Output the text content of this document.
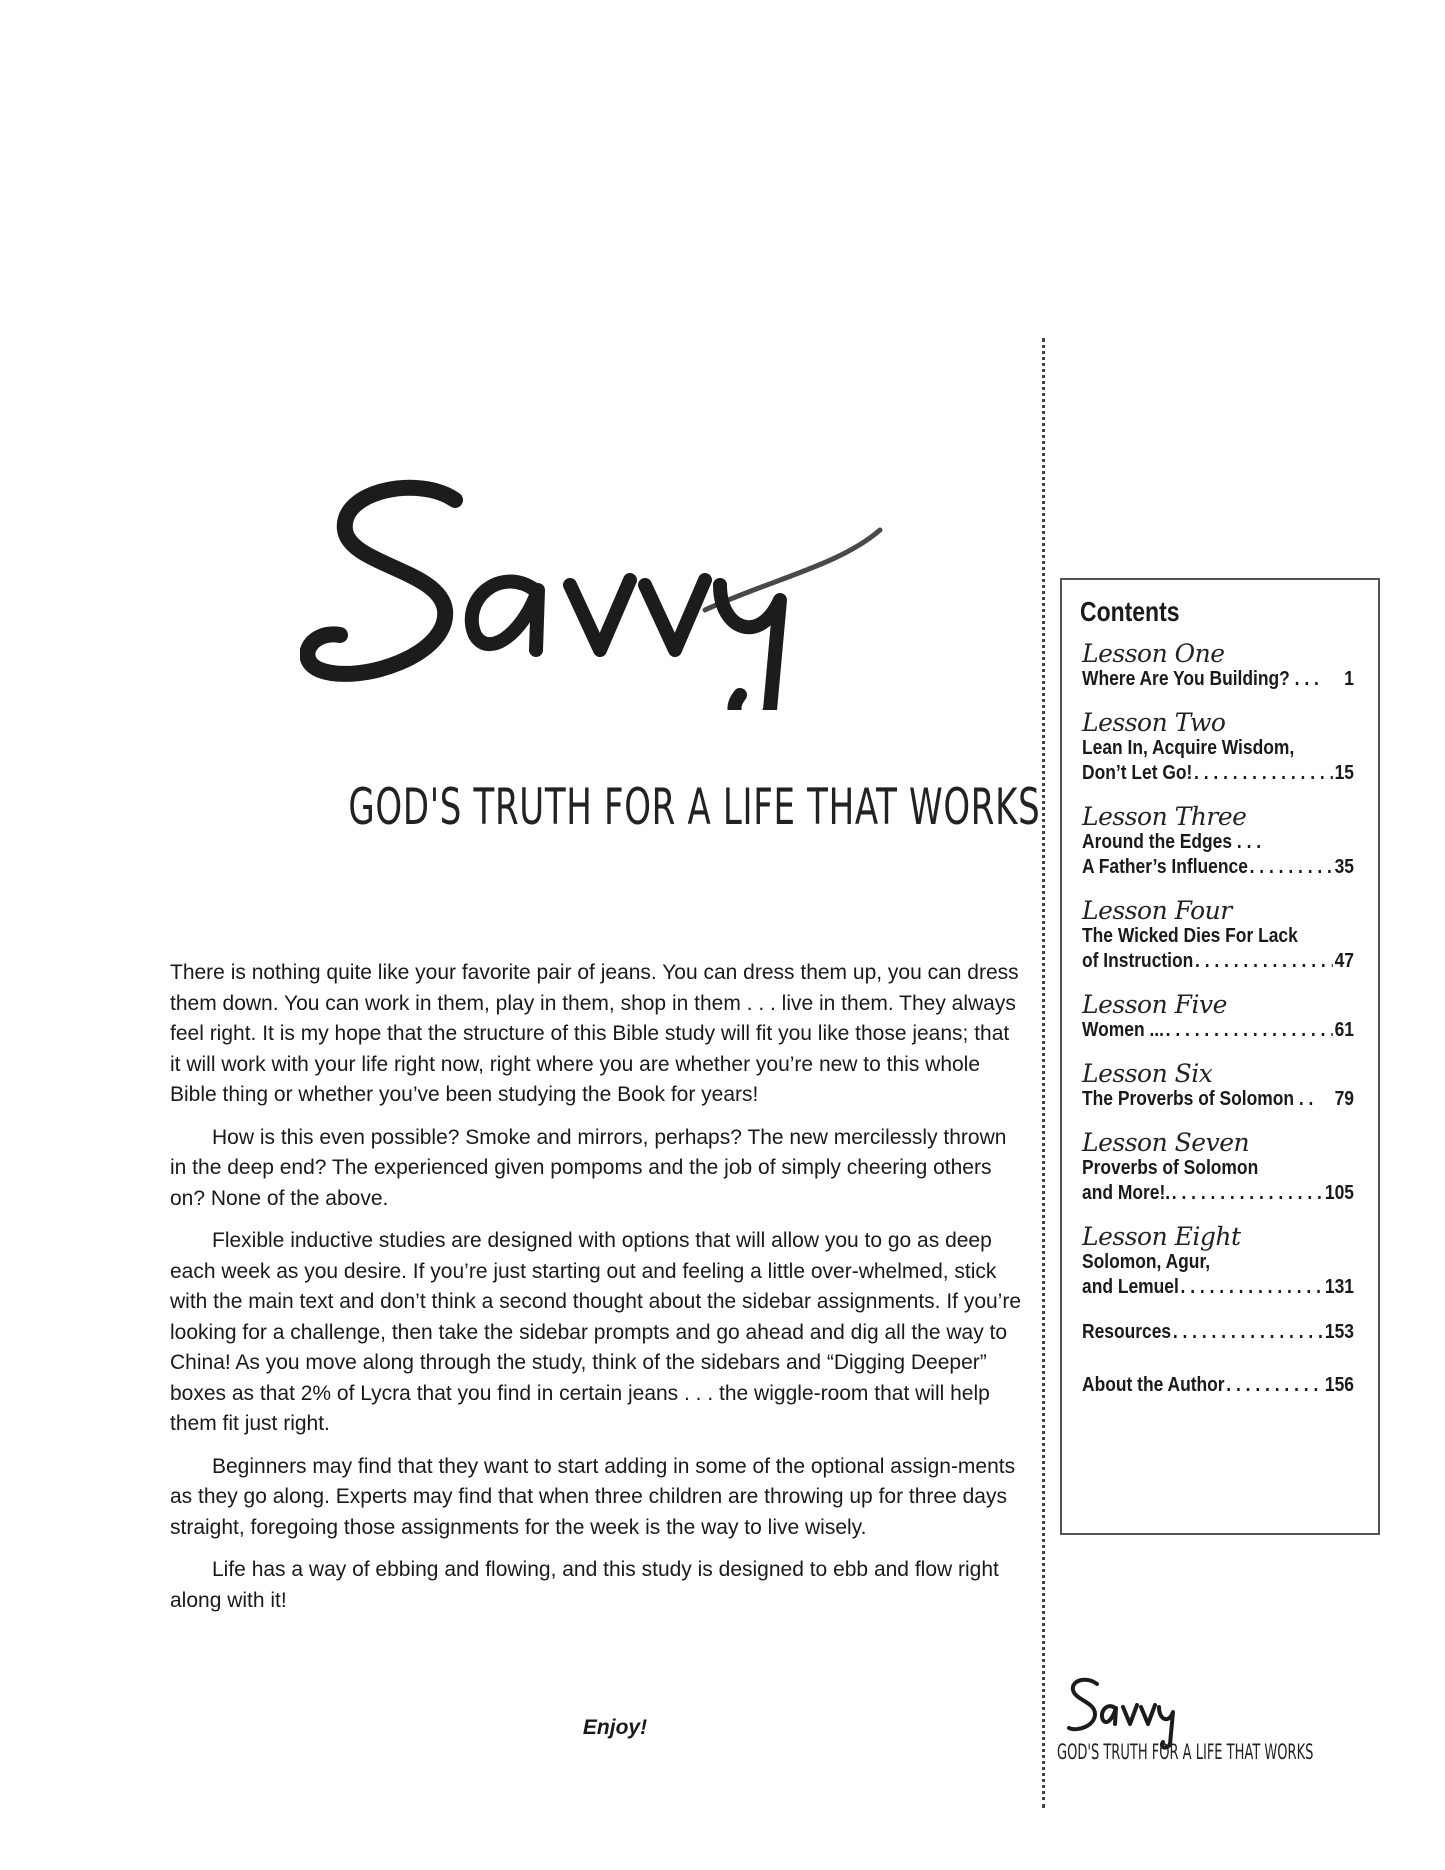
GOD'S TRUTH FOR A LIFE THAT WORKS

There is nothing quite like your favorite pair of jeans. You can dress them up, you can dress them down. You can work in them, play in them, shop in them . . . live in them. They always feel right. It is my hope that the structure of this Bible study will fit you like those jeans; that it will work with your life right now, right where you are whether you’re new to this whole Bible thing or whether you’ve been studying the Book for years!

How is this even possible? Smoke and mirrors, perhaps? The new mercilessly thrown in the deep end? The experienced given pompoms and the job of simply cheering others on? None of the above.

Flexible inductive studies are designed with options that will allow you to go as deep each week as you desire. If you’re just starting out and feeling a little over-whelmed, stick with the main text and don’t think a second thought about the sidebar assignments. If you’re looking for a challenge, then take the sidebar prompts and go ahead and dig all the way to China! As you move along through the study, think of the sidebars and “Digging Deeper” boxes as that 2% of Lycra that you find in certain jeans . . . the wiggle-room that will help them fit just right.

Beginners may find that they want to start adding in some of the optional assign-ments as they go along. Experts may find that when three children are throwing up for three days straight, foregoing those assignments for the week is the way to live wisely.

Life has a way of ebbing and flowing, and this study is designed to ebb and flow right along with it!

Enjoy!
Contents
Lesson One
Where Are You Building? . . . 1
Lesson Two
Lean In, Acquire Wisdom,
Don’t Let Go! . . .	15
Lesson Three
Around the Edges . . .
A Father’s Influence . . .	35
Lesson Four
The Wicked Dies For Lack
of Instruction . . .	47
Lesson Five
Women ... . . .	61
Lesson Six
The Proverbs of Solomon . . 79
Lesson Seven
Proverbs of Solomon
and More!. . . .	105
Lesson Eight
Solomon, Agur,
and Lemuel . . .	131
Resources . . .	153
About the Author . . .	156
GOD'S TRUTH FOR A LIFE THAT WORKS
